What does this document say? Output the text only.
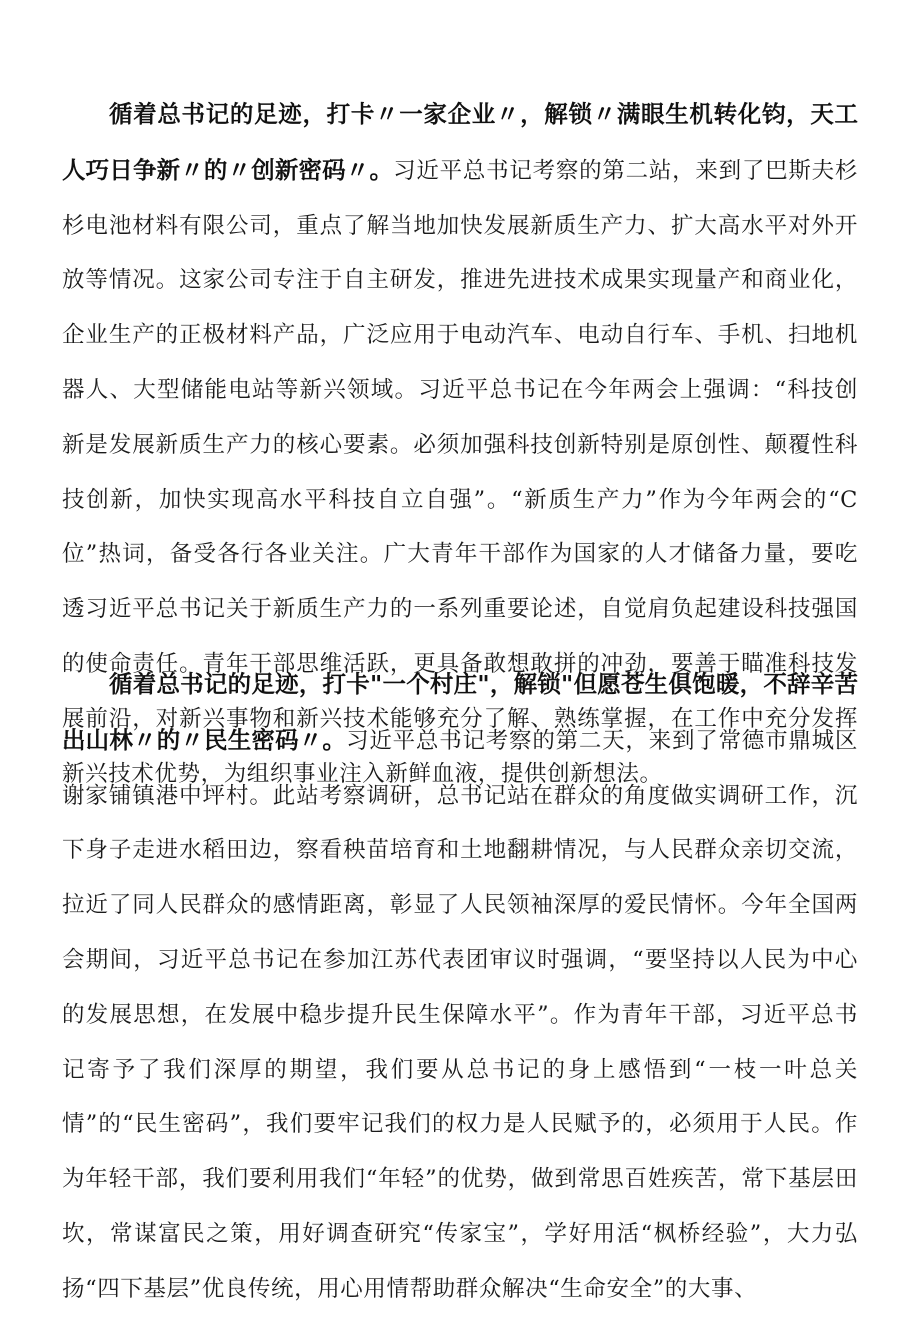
循着总书记的足迹，打卡〃一家企业〃，解锁〃满眼生机转化钧，天工人巧日争新〃的〃创新密码〃。习近平总书记考察的第二站，来到了巴斯夫杉杉电池材料有限公司，重点了解当地加快发展新质生产力、扩大高水平对外开放等情况。这家公司专注于自主研发，推进先进技术成果实现量产和商业化，企业生产的正极材料产品，广泛应用于电动汽车、电动自行车、手机、扫地机器人、大型储能电站等新兴领域。习近平总书记在今年两会上强调：“科技创新是发展新质生产力的核心要素。必须加强科技创新特别是原创性、颠覆性科技创新，加快实现高水平科技自立自强”。“新质生产力”作为今年两会的“C位”热词，备受各行各业关注。广大青年干部作为国家的人才储备力量，要吃透习近平总书记关于新质生产力的一系列重要论述，自觉肩负起建设科技强国的使命责任。青年干部思维活跃，更具备敢想敢拼的冲劲，要善于瞄准科技发展前沿，对新兴事物和新兴技术能够充分了解、熟练掌握，在工作中充分发挥新兴技术优势，为组织事业注入新鲜血液，提供创新想法。

循着总书记的足迹，打卡"一个村庄"，解锁"但愿苍生俱饱暖，不辞辛苦出山林〃的〃民生密码〃。习近平总书记考察的第二天，来到了常德市鼎城区谢家铺镇港中坪村。此站考察调研，总书记站在群众的角度做实调研工作，沉下身子走进水稻田边，察看秧苗培育和土地翻耕情况，与人民群众亲切交流，拉近了同人民群众的感情距离，彰显了人民领袖深厚的爱民情怀。今年全国两会期间，习近平总书记在参加江苏代表团审议时强调，“要坚持以人民为中心的发展思想，在发展中稳步提升民生保障水平”。作为青年干部，习近平总书记寄予了我们深厚的期望，我们要从总书记的身上感悟到“一枝一叶总关情”的“民生密码”，我们要牢记我们的权力是人民赋予的，必须用于人民。作为年轻干部，我们要利用我们“年轻”的优势，做到常思百姓疾苦，常下基层田坎，常谋富民之策，用好调查研究“传家宝”，学好用活“枫桥经验”，大力弘扬“四下基层”优良传统，用心用情帮助群众解决“生命安全”的大事、
